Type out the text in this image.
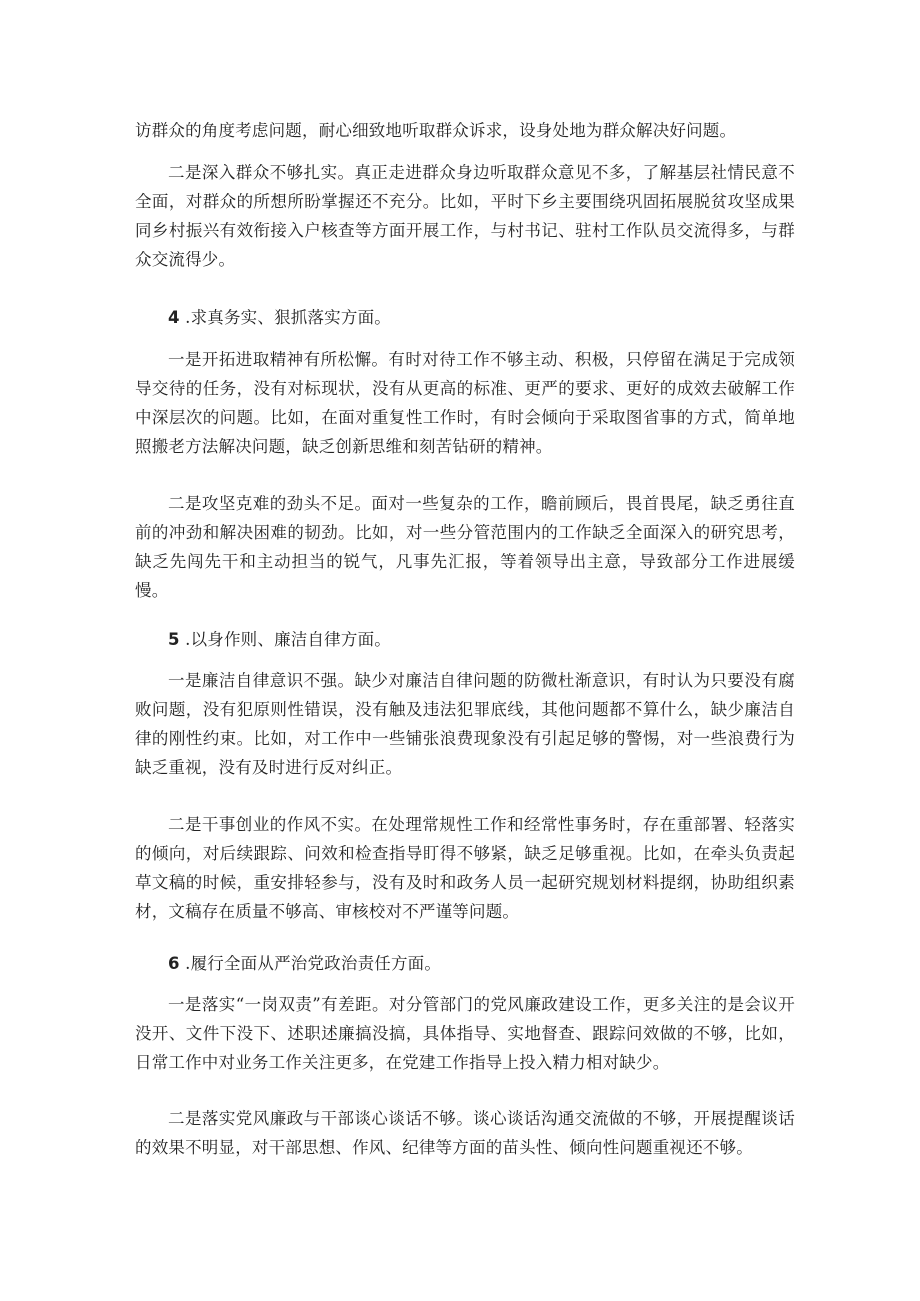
访群众的角度考虑问题，耐心细致地听取群众诉求，设身处地为群众解决好问题。

二是深入群众不够扎实。真正走进群众身边听取群众意见不多，了解基层社情民意不全面，对群众的所想所盼掌握还不充分。比如，平时下乡主要围绕巩固拓展脱贫攻坚成果同乡村振兴有效衔接入户核查等方面开展工作，与村书记、驻村工作队员交流得多，与群众交流得少。

4 .求真务实、狠抓落实方面。

一是开拓进取精神有所松懈。有时对待工作不够主动、积极，只停留在满足于完成领导交待的任务，没有对标现状，没有从更高的标准、更严的要求、更好的成效去破解工作中深层次的问题。比如，在面对重复性工作时，有时会倾向于采取图省事的方式，简单地照搬老方法解决问题，缺乏创新思维和刻苦钻研的精神。

二是攻坚克难的劲头不足。面对一些复杂的工作，瞻前顾后，畏首畏尾，缺乏勇往直前的冲劲和解决困难的韧劲。比如，对一些分管范围内的工作缺乏全面深入的研究思考，缺乏先闯先干和主动担当的锐气，凡事先汇报，等着领导出主意，导致部分工作进展缓慢。

5 .以身作则、廉洁自律方面。

一是廉洁自律意识不强。缺少对廉洁自律问题的防微杜渐意识，有时认为只要没有腐败问题，没有犯原则性错误，没有触及违法犯罪底线，其他问题都不算什么，缺少廉洁自律的刚性约束。比如，对工作中一些铺张浪费现象没有引起足够的警惕，对一些浪费行为缺乏重视，没有及时进行反对纠正。

二是干事创业的作风不实。在处理常规性工作和经常性事务时，存在重部署、轻落实的倾向，对后续跟踪、问效和检查指导盯得不够紧，缺乏足够重视。比如，在牵头负责起草文稿的时候，重安排轻参与，没有及时和政务人员一起研究规划材料提纲，协助组织素材，文稿存在质量不够高、审核校对不严谨等问题。

6 .履行全面从严治党政治责任方面。

一是落实“一岗双责”有差距。对分管部门的党风廉政建设工作，更多关注的是会议开没开、文件下没下、述职述廉搞没搞，具体指导、实地督查、跟踪问效做的不够，比如，日常工作中对业务工作关注更多，在党建工作指导上投入精力相对缺少。

二是落实党风廉政与干部谈心谈话不够。谈心谈话沟通交流做的不够，开展提醒谈话的效果不明显，对干部思想、作风、纪律等方面的苗头性、倾向性问题重视还不够。
